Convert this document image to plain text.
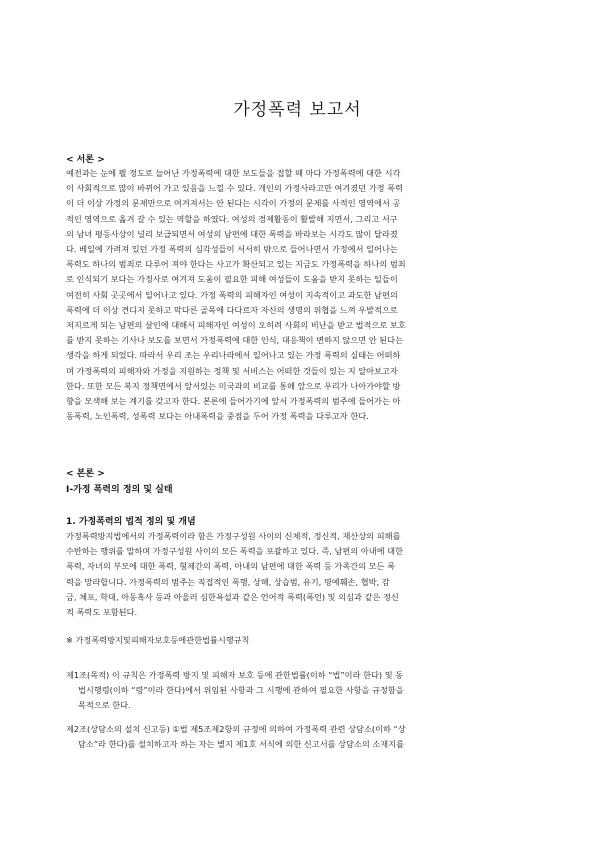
가정폭력 보고서
< 서론 >
예전과는 눈에 띌 정도로 늘어난 가정폭력에 대한 보도들을 접할 때 마다 가정폭력에 대한 시각
이 사회적으로 많이 바뀌어 가고 있음을 느낄 수 있다. 개인의 가정사라고만 여겨졌던 가정 폭력
이 더 이상 가정의 문제만으로 여겨져서는 안 된다는 시각이 가정의 문제를 사적인 영역에서 공
적인 영역으로 옮겨 갈 수 있는 역할을 하였다. 여성의 경제활동이 활발해 지면서, 그리고 서구
의 남녀 평등사상이 널리 보급되면서 여성의 남편에 대한 폭력을 바라보는 시각도 많이 달라졌
다. 베일에 가려져 있던 가정 폭력의 심각성들이 서서히 밖으로 들어나면서 가정에서 일어나는
폭력도 하나의 범죄로 다루어 져야 한다는 사고가 확산되고 있는 지금도 가정폭력을 하나의 범죄
로 인식되기 보다는 가정사로 여겨져 도움이 필요한 피해 여성들이 도움을 받지 못하는 일들이
여전히 사회 곳곳에서 일어나고 있다. 가정 폭력의 피해자인 여성이 지속적이고 과도한 남편의
폭력에 더 이상 견디지 못하고 막다른 골목에 다다르자 자신의 생명의 위협을 느껴 우발적으로
저지르게 되는 남편의 살인에 대해서 피해자인 여성이 오히려 사회의 비난을 받고 법적으로 보호
를 받지 못하는 기사나 보도를 보면서 가정폭력에 대한 인식, 대응책이 변하지 않으면 안 된다는
생각을 하게 되었다. 따라서 우리 조는 우리나라에서 일어나고 있는 가정 폭력의 실태는 어떠하
며 가정폭력의 피해자와 가정을 지원하는 정책 및 서비스는 어떠한 것들이 있는 지 알아보고자
한다. 또한 모든 복지 정책면에서 앞서있는 미국과의 비교를 통해 앞으로 우리가 나아가야할 방
향을 모색해 보는 계기를 갖고자 한다. 본론에 들어가기에 앞서 가정폭력의 범주에 들어가는 아
동폭력, 노인폭력, 성폭력 보다는 아내폭력을 중점을 두어 가정 폭력을 다루고자 한다.
< 본론 >
Ⅰ-가정 폭력의 정의 및 실태
1. 가정폭력의 법적 정의 및 개념
가정폭력방지법에서의 가정폭력이라 함은 가정구성원 사이의 신체적, 정신적, 재산상의 피해를
수반하는 행위를 말하며 가정구성원 사이의 모든 폭력을 포괄하고 있다. 즉, 남편의 아내에 대한
폭력, 자녀의 부모에 대한 폭력, 형제간의 폭력, 아내의 남편에 대한 폭력 등 가족간의 모든 폭
력을 망라합니다. 가정폭력의 범주는 직접적인 폭행, 상해, 상습범, 유기, 명예훼손, 협박, 감
금, 체포, 학대, 아동혹사 등과 아울러 심한욕설과 같은 언어적 폭력(폭언) 및 의심과 같은 정신
적 폭력도 포함된다.
※ 가정폭력방지및피해자보호등에관한법률시행규칙
제1조(목적) 이 규칙은 가정폭력 방지 및 피해자 보호 등에 관한법률(이하 “법”이라 한다) 및 동
법시행령(이하 “령”이라 한다)에서 위임된 사항과 그 시행에 관하여 필요한 사항을 규정함을
목적으로 한다.
제2조(상담소의 설치 신고등) ①법 제5조제2항의 규정에 의하여 가정폭력 관련 상담소(이하 “상
담소”라 한다)를 설치하고자 하는 자는 별지 제1호 서식에 의한 신고서를 상담소의 소재지를
